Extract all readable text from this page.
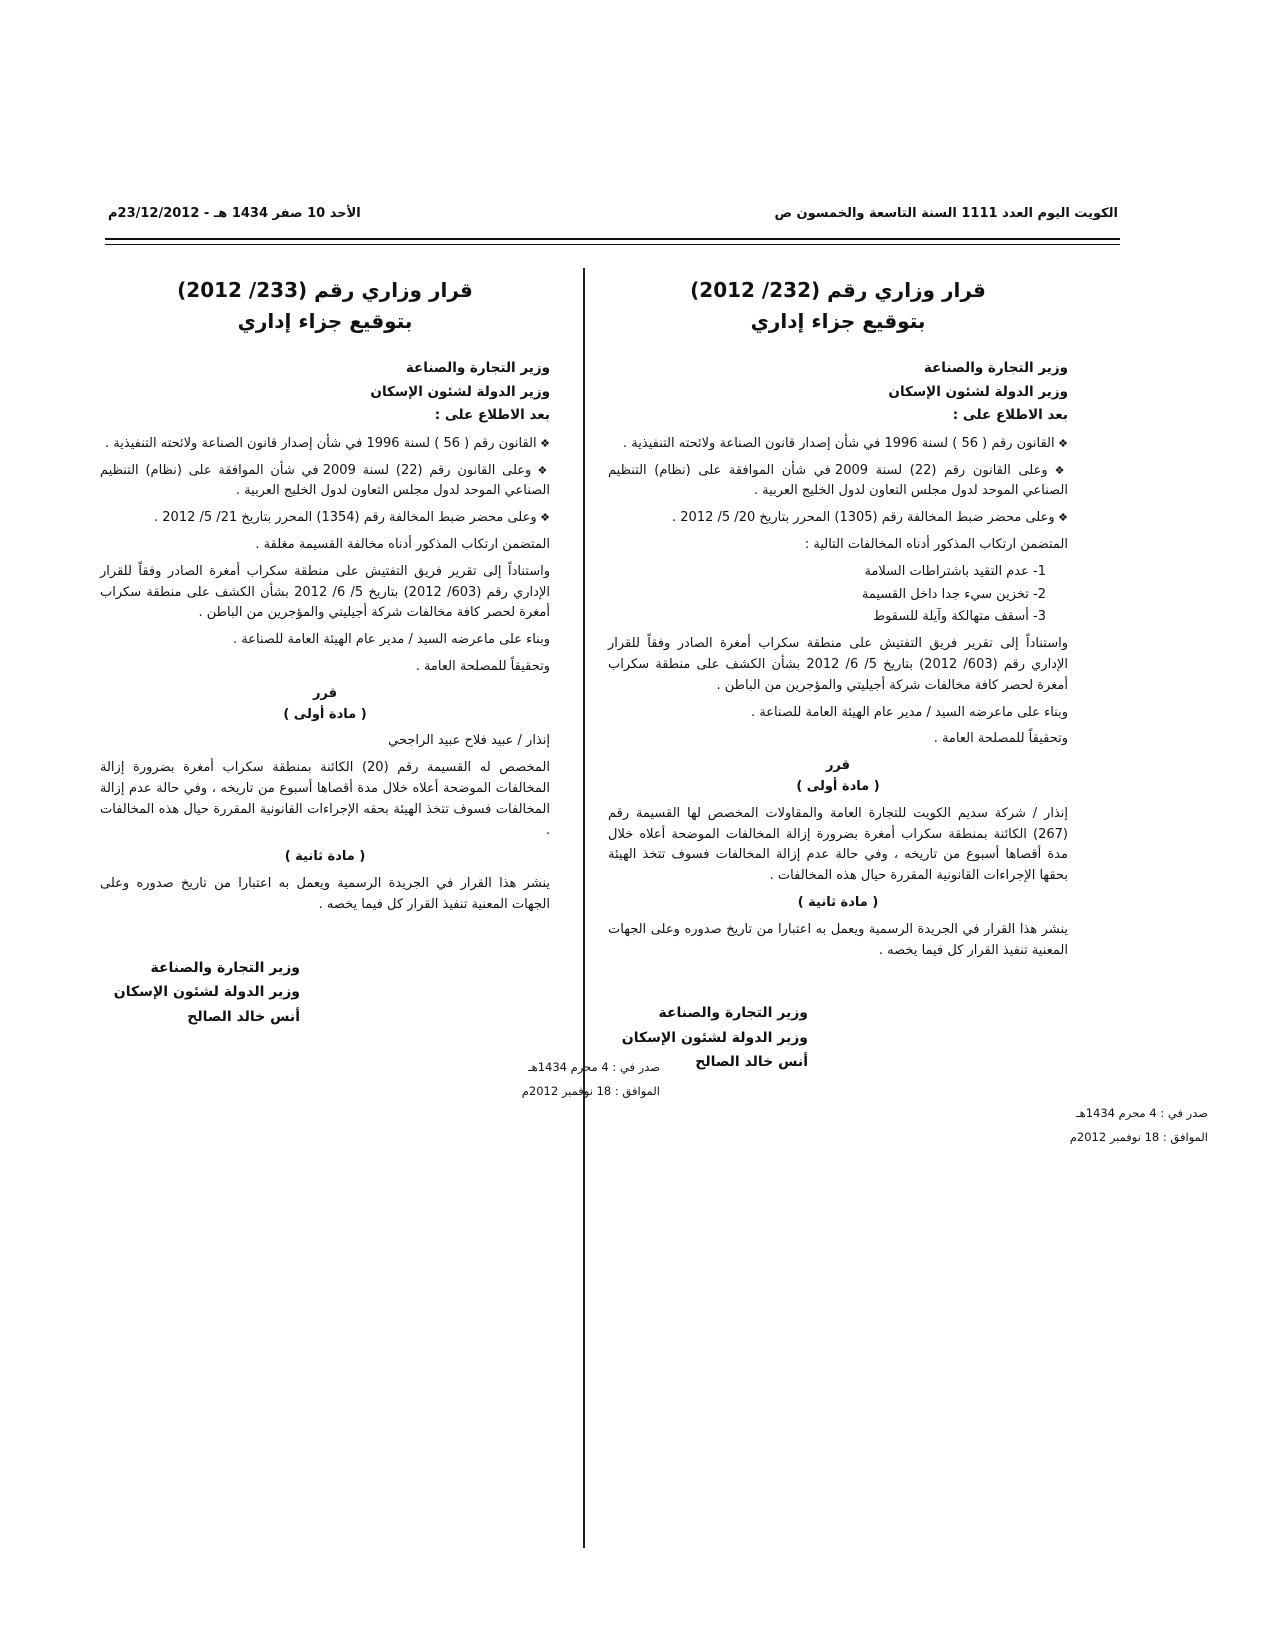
الكويت اليوم العدد 1111 السنة التاسعة والخمسون ص
الأحد 10 صفر 1434 هـ - 23/12/2012م
قرار وزاري رقم (232/ 2012)
بتوقيع جزاء إداري
وزير التجارة والصناعة
وزير الدولة لشئون الإسكان
بعد الاطلاع على :
❖ القانون رقم ( 56 ) لسنة 1996 في شأن إصدار قانون الصناعة ولائحته التنفيذية .
❖ وعلى القانون رقم (22) لسنة 2009 في شأن الموافقة على (نظام) التنظيم الصناعي الموحد لدول مجلس التعاون لدول الخليج العربية .
❖ وعلى محضر ضبط المخالفة رقم (1305) المحرر بتاريخ 20/ 5/ 2012 .
المتضمن ارتكاب المذكور أدناه المخالفات التالية :
1- عدم التقيد باشتراطات السلامة
2- تخزين سيء جدا داخل القسيمة
3- أسقف متهالكة وآيلة للسقوط
واستناداً إلى تقرير فريق التفتيش على منطقة سكراب أمغرة الصادر وفقاً للقرار الإداري رقم (603/ 2012) بتاريخ 5/ 6/ 2012 بشأن الكشف على منطقة سكراب أمغرة لحصر كافة مخالفات شركة أجيليتي والمؤجرين من الباطن .
وبناء على ماعرضه السيد / مدير عام الهيئة العامة للصناعة .
وتحقيقاً للمصلحة العامة .
قرر
( مادة أولى )
إنذار / شركة سديم الكويت للتجارة العامة والمقاولات المخصص لها القسيمة رقم (267) الكائنة بمنطقة سكراب أمغرة بضرورة إزالة المخالفات الموضحة أعلاه خلال مدة أقصاها أسبوع من تاريخه ، وفي حالة عدم إزالة المخالفات فسوف تتخذ الهيئة بحقها الإجراءات القانونية المقررة حيال هذه المخالفات .
( مادة ثانية )
ينشر هذا القرار في الجريدة الرسمية ويعمل به اعتبارا من تاريخ صدوره وعلى الجهات المعنية تنفيذ القرار كل فيما يخصه .
وزير التجارة والصناعة
وزير الدولة لشئون الإسكان
أنس خالد الصالح
صدر في : 4 محرم 1434هـ
الموافق : 18 نوفمبر 2012م
قرار وزاري رقم (233/ 2012)
بتوقيع جزاء إداري
وزير التجارة والصناعة
وزير الدولة لشئون الإسكان
بعد الاطلاع على :
❖ القانون رقم ( 56 ) لسنة 1996 في شأن إصدار قانون الصناعة ولائحته التنفيذية .
❖ وعلى القانون رقم (22) لسنة 2009 في شأن الموافقة على (نظام) التنظيم الصناعي الموحد لدول مجلس التعاون لدول الخليج العربية .
❖ وعلى محضر ضبط المخالفة رقم (1354) المحرر بتاريخ 21/ 5/ 2012 .
المتضمن ارتكاب المذكور أدناه مخالفة القسيمة مغلقة .
واستناداً إلى تقرير فريق التفتيش على منطقة سكراب أمغرة الصادر وفقاً للقرار الإداري رقم (603/ 2012) بتاريخ 5/ 6/ 2012 بشأن الكشف على منطقة سكراب أمغرة لحصر كافة مخالفات شركة أجيليتي والمؤجرين من الباطن .
وبناء على ماعرضه السيد / مدير عام الهيئة العامة للصناعة .
وتحقيقاً للمصلحة العامة .
قرر
( مادة أولى )
إنذار / عبيد فلاح عبيد الراجحي
المخصص له القسيمة رقم (20) الكائنة بمنطقة سكراب أمغرة بضرورة إزالة المخالفات الموضحة أعلاه خلال مدة أقصاها أسبوع من تاريخه ، وفي حالة عدم إزالة المخالفات فسوف تتخذ الهيئة بحقه الإجراءات القانونية المقررة حيال هذه المخالفات .
( مادة ثانية )
ينشر هذا القرار في الجريدة الرسمية ويعمل به اعتبارا من تاريخ صدوره وعلى الجهات المعنية تنفيذ القرار كل فيما يخصه .
وزير التجارة والصناعة
وزير الدولة لشئون الإسكان
أنس خالد الصالح
صدر في : 4 محرم 1434هـ
الموافق : 18 نوفمبر 2012م
